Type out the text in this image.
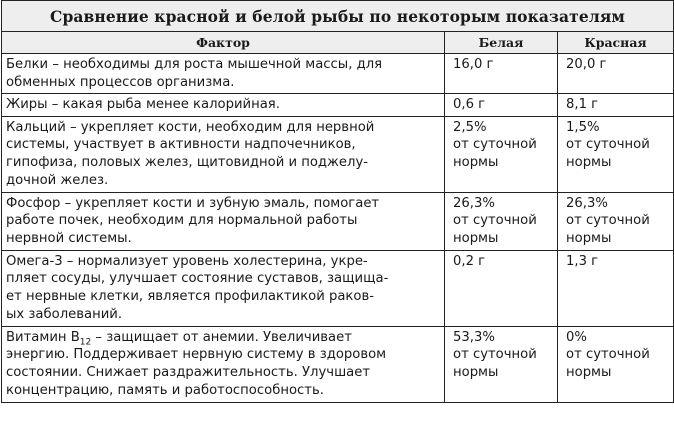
Сравнение красной и белой рыбы по некоторым показателям		
Фактор	Белая	Красная

Белки – необходимы для роста мышечной массы, для
обменных процессов организма.	16,0 г	20,0 г

Жиры – какая рыба менее калорийная.	0,6 г	8,1 г

Кальций – укрепляет кости, необходим для нервной
системы, участвует в активности надпочечников,
гипофиза, половых желез, щитовидной и поджелу-
дочной желез.	2,5%
от суточной
нормы	1,5%
от суточной
нормы

Фосфор – укрепляет кости и зубную эмаль, помогает
работе почек, необходим для нормальной работы
нервной системы.	26,3%
от суточной
нормы	26,3%
от суточной
нормы

Омега-3 – нормализует уровень холестерина, укре-
пляет сосуды, улучшает состояние суставов, защища-
ет нервные клетки, является профилактикой раков-
ых заболеваний.	0,2 г	1,3 г

Витамин $В_{12}$ – защищает от анемии. Увеличивает
энергию. Поддерживает нервную систему в здоровом
состоянии. Снижает раздражительность. Улучшает
концентрацию, память и работоспособность.	53,3%
от суточной
нормы	0%
от суточной
нормы
